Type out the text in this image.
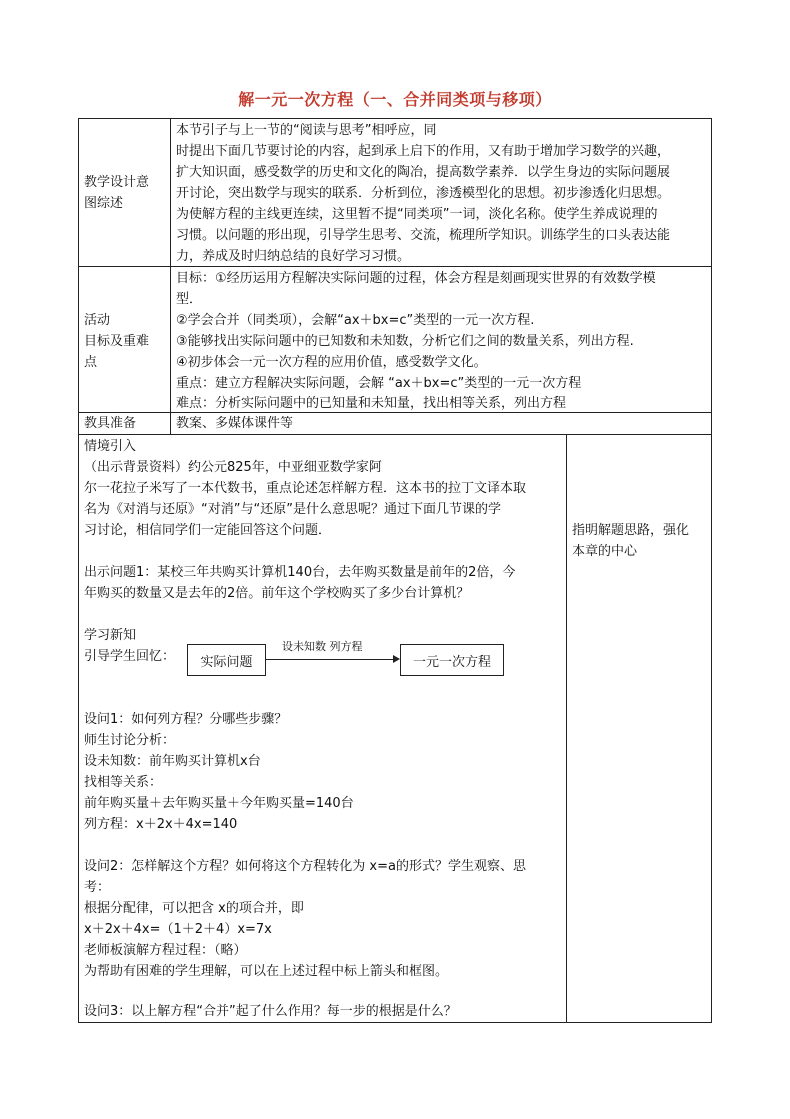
解一元一次方程（一、合并同类项与移项）
教学设计意
图综述
本节引子与上一节的“阅读与思考”相呼应，同
时提出下面几节要讨论的内容，起到承上启下的作用，又有助于增加学习数学的兴趣，
扩大知识面，感受数学的历史和文化的陶冶，提高数学素养．以学生身边的实际问题展
开讨论，突出数学与现实的联系．分析到位，渗透模型化的思想。初步渗透化归思想。
为使解方程的主线更连续，这里暂不提“同类项”一词，淡化名称。使学生养成说理的
习惯。以问题的形出现，引导学生思考、交流，梳理所学知识。训练学生的口头表达能
力，养成及时归纳总结的良好学习习惯。
活动
目标及重难
点
目标：①经历运用方程解决实际问题的过程，体会方程是刻画现实世界的有效数学模
型．
②学会合并（同类项），会解“ax＋bx=c”类型的一元一次方程.
③能够找出实际问题中的已知数和未知数，分析它们之间的数量关系，列出方程.
④初步体会一元一次方程的应用价值，感受数学文化。
重点：建立方程解决实际问题，会解 “ax＋bx=c”类型的一元一次方程
难点：分析实际问题中的已知量和未知量，找出相等关系，列出方程
教具准备	教案、多媒体课件等
情境引入
（出示背景资料）约公元825年，中亚细亚数学家阿
尔一花拉子米写了一本代数书，重点论述怎样解方程．这本书的拉丁文译本取
名为《对消与还原》“对消”与“还原”是什么意思呢？通过下面几节课的学
习讨论，相信同学们一定能回答这个问题．
出示问题1：某校三年共购买计算机140台，去年购买数量是前年的2倍，今
年购买的数量又是去年的2倍。前年这个学校购买了多少台计算机？
学习新知
引导学生回忆：	实际问题
设未知数 列方程
一元一次方程
设问1：如何列方程？分哪些步骤？
师生讨论分析：
设未知数：前年购买计算机x台
找相等关系：
前年购买量＋去年购买量＋今年购买量=140台
列方程：x＋2x＋4x=140
设问2：怎样解这个方程？如何将这个方程转化为 x=a的形式？学生观察、思
考：
根据分配律，可以把含 x的项合并，即
x＋2x＋4x=（1＋2＋4）x=7x
老师板演解方程过程：（略）
为帮助有困难的学生理解，可以在上述过程中标上箭头和框图。
设问3：以上解方程“合并”起了什么作用？每一步的根据是什么？
指明解题思路，强化
本章的中心
